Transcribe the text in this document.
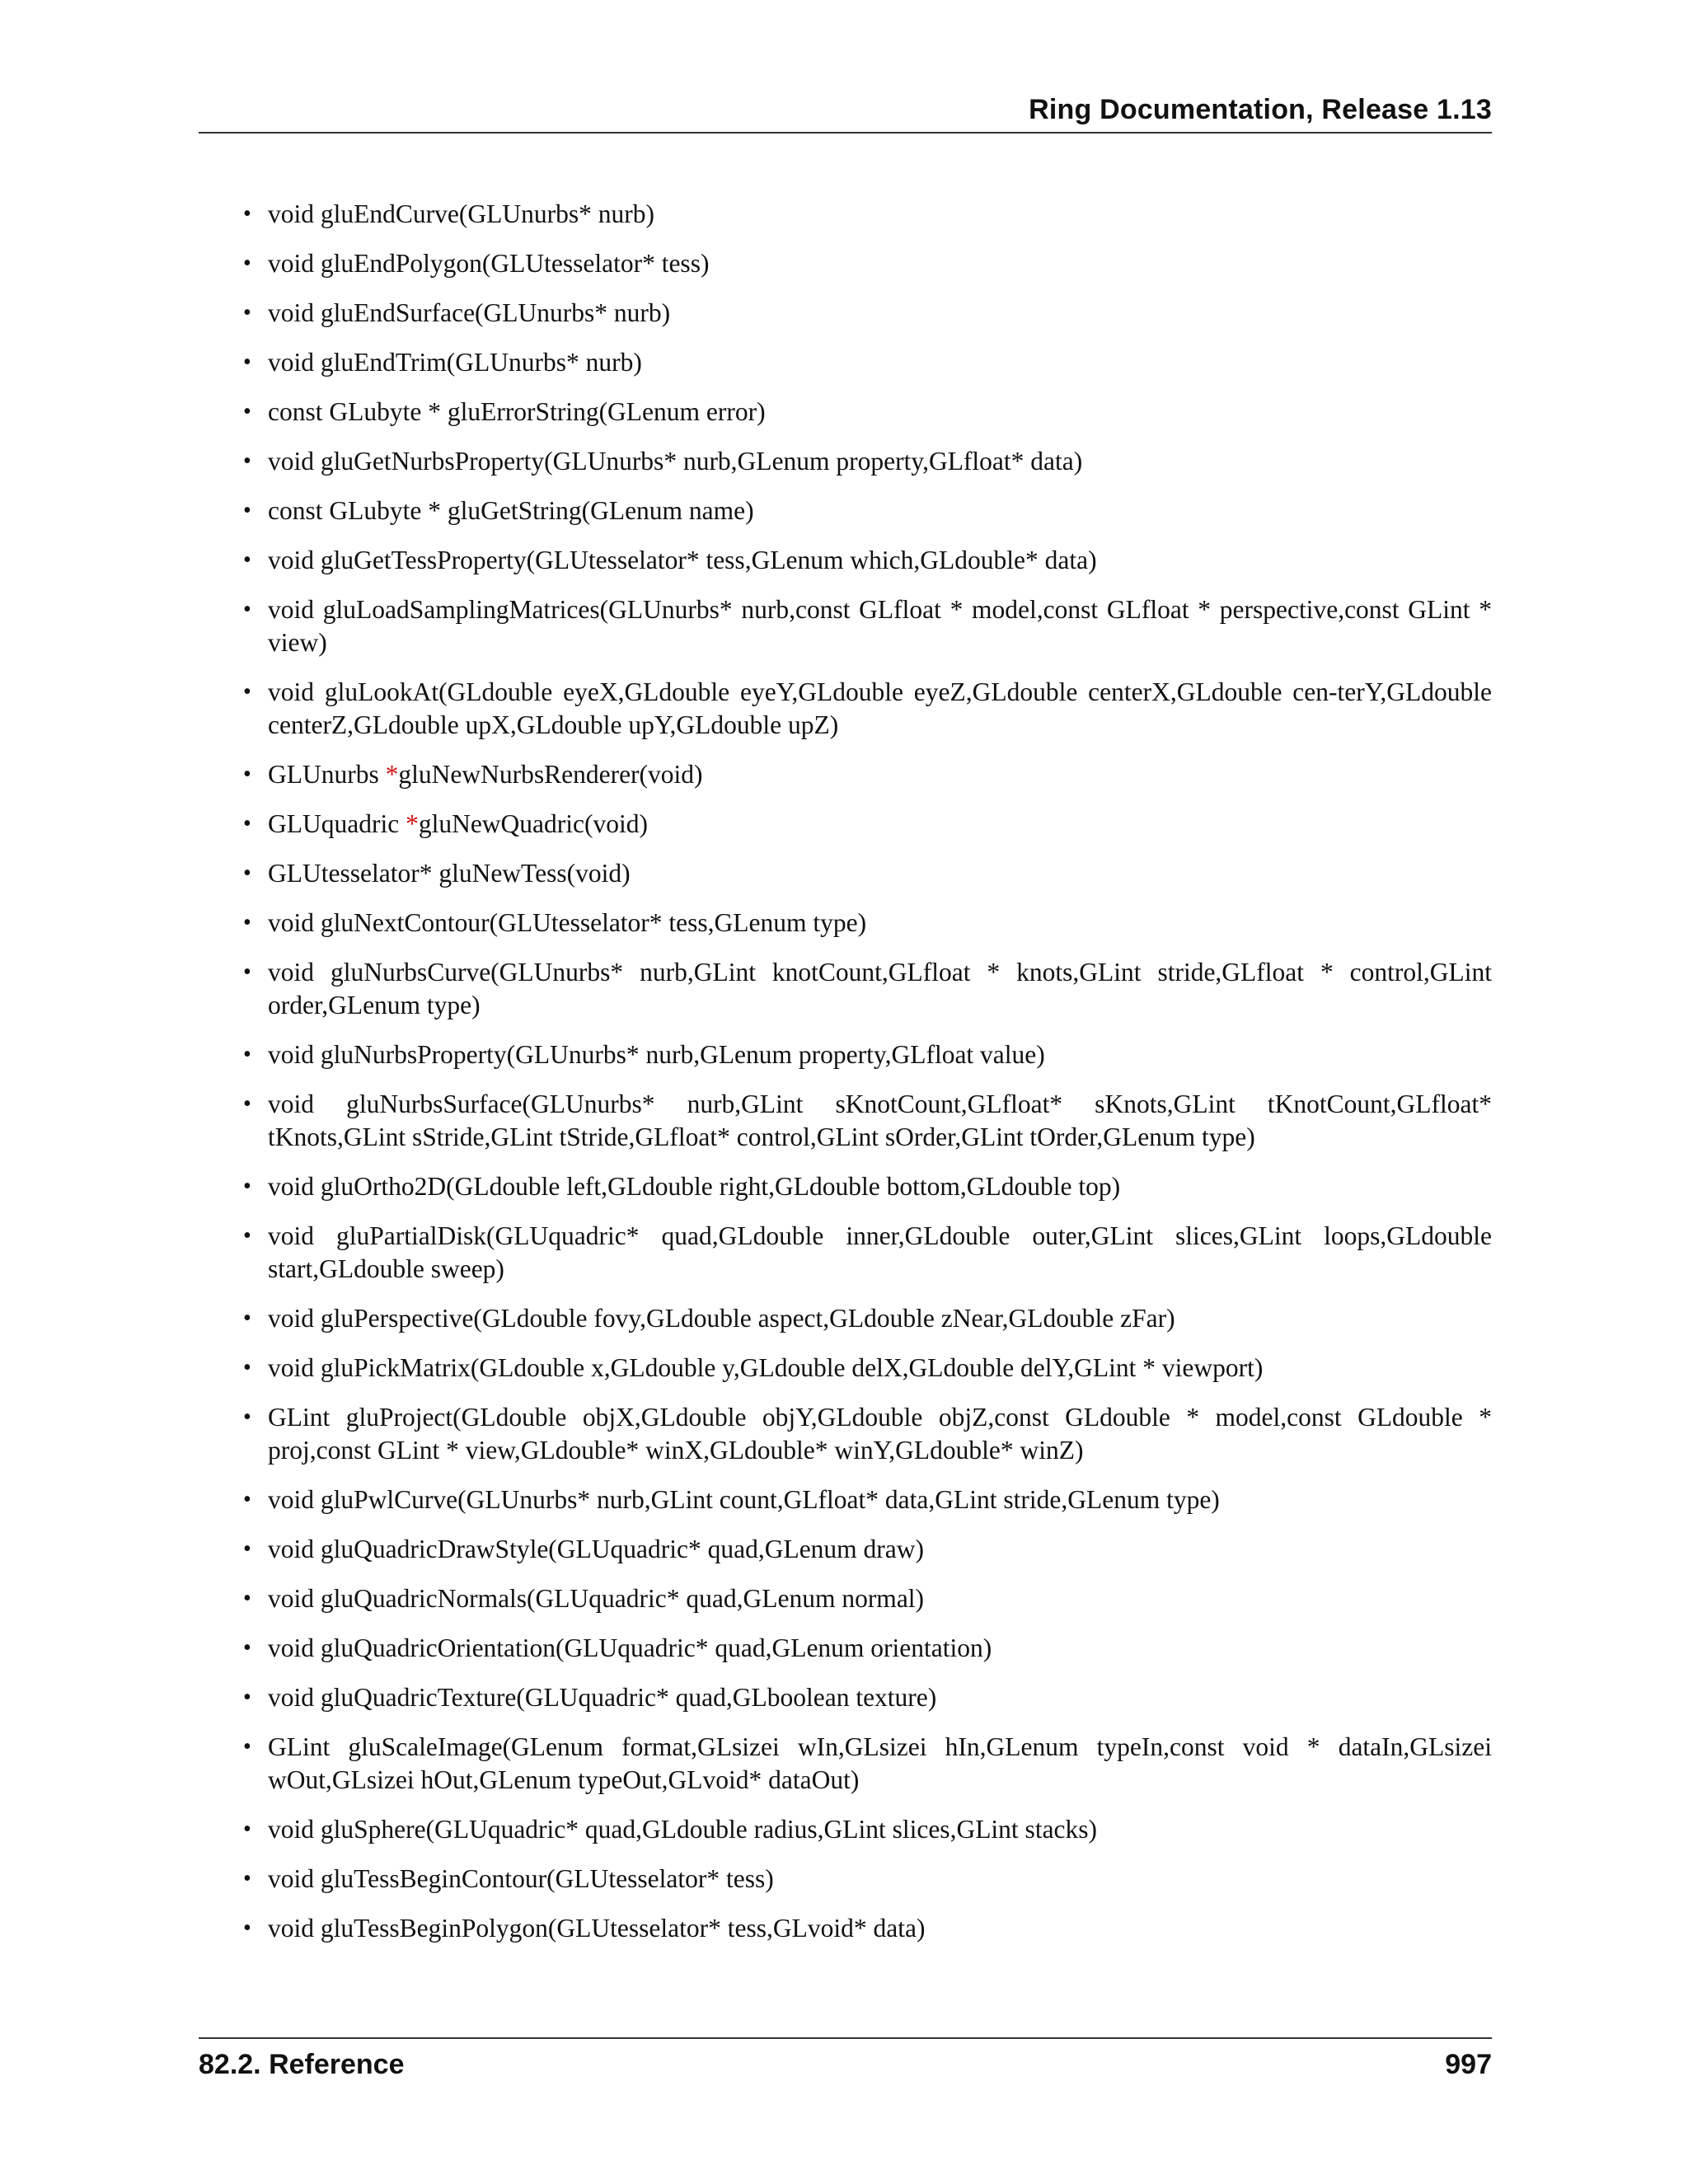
Ring Documentation, Release 1.13
• void gluEndCurve(GLUnurbs* nurb)
• void gluEndPolygon(GLUtesselator* tess)
• void gluEndSurface(GLUnurbs* nurb)
• void gluEndTrim(GLUnurbs* nurb)
• const GLubyte * gluErrorString(GLenum error)
• void gluGetNurbsProperty(GLUnurbs* nurb,GLenum property,GLfloat* data)
• const GLubyte * gluGetString(GLenum name)
• void gluGetTessProperty(GLUtesselator* tess,GLenum which,GLdouble* data)
• void gluLoadSamplingMatrices(GLUnurbs* nurb,const GLfloat * model,const GLfloat * perspective,const GLint * view)
• void gluLookAt(GLdouble eyeX,GLdouble eyeY,GLdouble eyeZ,GLdouble centerX,GLdouble cen-terY,GLdouble centerZ,GLdouble upX,GLdouble upY,GLdouble upZ)
• GLUnurbs *gluNewNurbsRenderer(void)
• GLUquadric *gluNewQuadric(void)
• GLUtesselator* gluNewTess(void)
• void gluNextContour(GLUtesselator* tess,GLenum type)
• void gluNurbsCurve(GLUnurbs* nurb,GLint knotCount,GLfloat * knots,GLint stride,GLfloat * control,GLint order,GLenum type)
• void gluNurbsProperty(GLUnurbs* nurb,GLenum property,GLfloat value)
• void gluNurbsSurface(GLUnurbs* nurb,GLint sKnotCount,GLfloat* sKnots,GLint tKnotCount,GLfloat* tKnots,GLint sStride,GLint tStride,GLfloat* control,GLint sOrder,GLint tOrder,GLenum type)
• void gluOrtho2D(GLdouble left,GLdouble right,GLdouble bottom,GLdouble top)
• void gluPartialDisk(GLUquadric* quad,GLdouble inner,GLdouble outer,GLint slices,GLint loops,GLdouble start,GLdouble sweep)
• void gluPerspective(GLdouble fovy,GLdouble aspect,GLdouble zNear,GLdouble zFar)
• void gluPickMatrix(GLdouble x,GLdouble y,GLdouble delX,GLdouble delY,GLint * viewport)
• GLint gluProject(GLdouble objX,GLdouble objY,GLdouble objZ,const GLdouble * model,const GLdouble * proj,const GLint * view,GLdouble* winX,GLdouble* winY,GLdouble* winZ)
• void gluPwlCurve(GLUnurbs* nurb,GLint count,GLfloat* data,GLint stride,GLenum type)
• void gluQuadricDrawStyle(GLUquadric* quad,GLenum draw)
• void gluQuadricNormals(GLUquadric* quad,GLenum normal)
• void gluQuadricOrientation(GLUquadric* quad,GLenum orientation)
• void gluQuadricTexture(GLUquadric* quad,GLboolean texture)
• GLint gluScaleImage(GLenum format,GLsizei wIn,GLsizei hIn,GLenum typeIn,const void * dataIn,GLsizei wOut,GLsizei hOut,GLenum typeOut,GLvoid* dataOut)
• void gluSphere(GLUquadric* quad,GLdouble radius,GLint slices,GLint stacks)
• void gluTessBeginContour(GLUtesselator* tess)
• void gluTessBeginPolygon(GLUtesselator* tess,GLvoid* data)
82.2. Reference	997
